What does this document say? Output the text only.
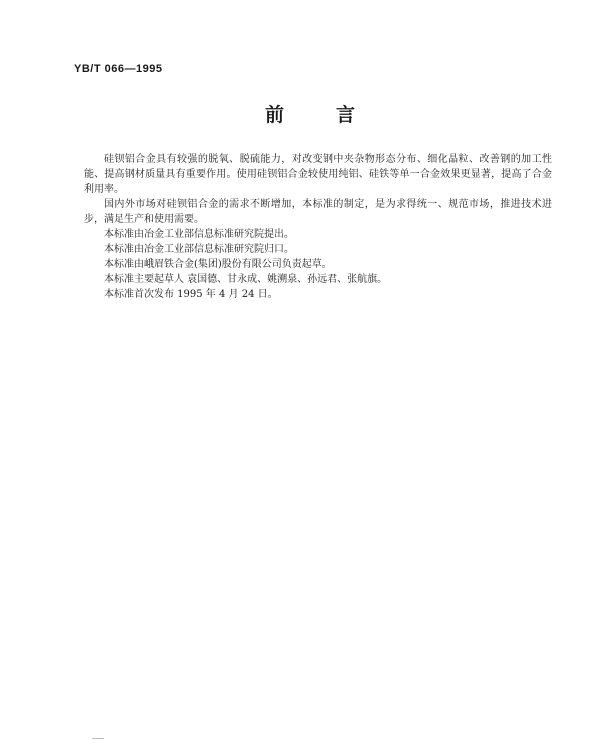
YB/T 066—1995
前	言

硅钡铝合金具有较强的脱氧、脱硫能力，对改变钢中夹杂物形态分布、细化晶粒、改善钢的加工性能、提高钢材质量具有重要作用。使用硅钡铝合金较使用纯铝、硅铁等单一合金效果更显著，提高了合金利用率。

国内外市场对硅钡铝合金的需求不断增加，本标准的制定，是为求得统一、规范市场，推进技术进步，满足生产和使用需要。

本标准由冶金工业部信息标准研究院提出。

本标准由冶金工业部信息标准研究院归口。

本标准由峨眉铁合金(集团)股份有限公司负责起草。

本标准主要起草人 袁国德、甘永成、姚溯泉、孙远君、张航旗。

本标准首次发布 1995 年 4 月 24 日。
